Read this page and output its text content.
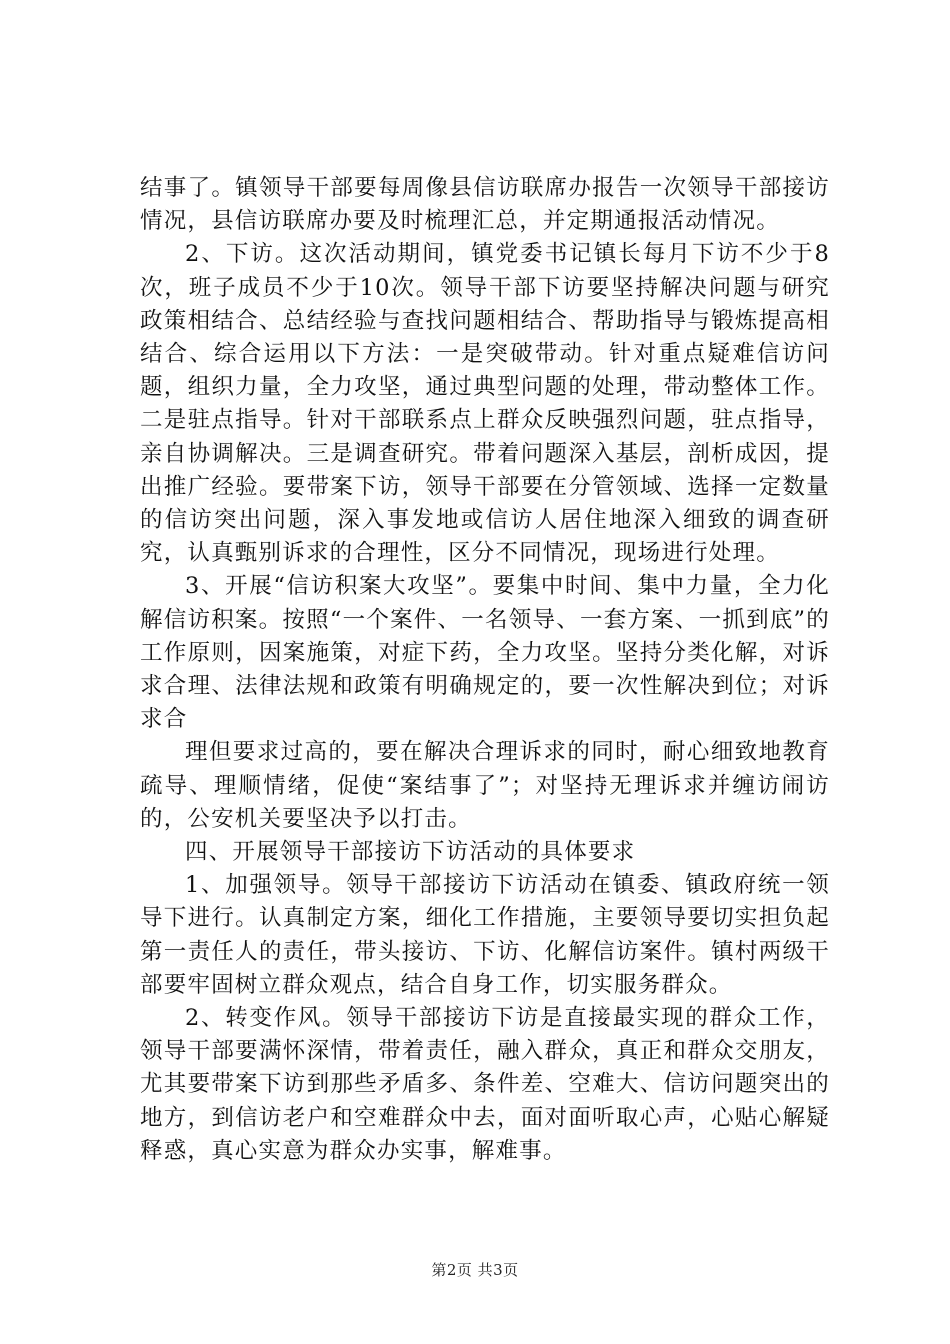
结事了。镇领导干部要每周像县信访联席办报告一次领导干部接访情况，县信访联席办要及时梳理汇总，并定期通报活动情况。

2、下访。这次活动期间，镇党委书记镇长每月下访不少于8次，班子成员不少于10次。领导干部下访要坚持解决问题与研究政策相结合、总结经验与查找问题相结合、帮助指导与锻炼提高相结合、综合运用以下方法：一是突破带动。针对重点疑难信访问题，组织力量，全力攻坚，通过典型问题的处理，带动整体工作。二是驻点指导。针对干部联系点上群众反映强烈问题，驻点指导，亲自协调解决。三是调查研究。带着问题深入基层，剖析成因，提出推广经验。要带案下访，领导干部要在分管领域、选择一定数量的信访突出问题，深入事发地或信访人居住地深入细致的调查研究，认真甄别诉求的合理性，区分不同情况，现场进行处理。

3、开展“信访积案大攻坚”。要集中时间、集中力量，全力化解信访积案。按照“一个案件、一名领导、一套方案、一抓到底”的工作原则，因案施策，对症下药，全力攻坚。坚持分类化解，对诉求合理、法律法规和政策有明确规定的，要一次性解决到位；对诉求合

理但要求过高的，要在解决合理诉求的同时，耐心细致地教育疏导、理顺情绪，促使“案结事了”；对坚持无理诉求并缠访闹访的，公安机关要坚决予以打击。

四、开展领导干部接访下访活动的具体要求

1、加强领导。领导干部接访下访活动在镇委、镇政府统一领导下进行。认真制定方案，细化工作措施，主要领导要切实担负起第一责任人的责任，带头接访、下访、化解信访案件。镇村两级干部要牢固树立群众观点，结合自身工作，切实服务群众。

2、转变作风。领导干部接访下访是直接最实现的群众工作，领导干部要满怀深情，带着责任，融入群众，真正和群众交朋友，尤其要带案下访到那些矛盾多、条件差、空难大、信访问题突出的地方，到信访老户和空难群众中去，面对面听取心声，心贴心解疑释惑，真心实意为群众办实事，解难事。

第2页 共3页
